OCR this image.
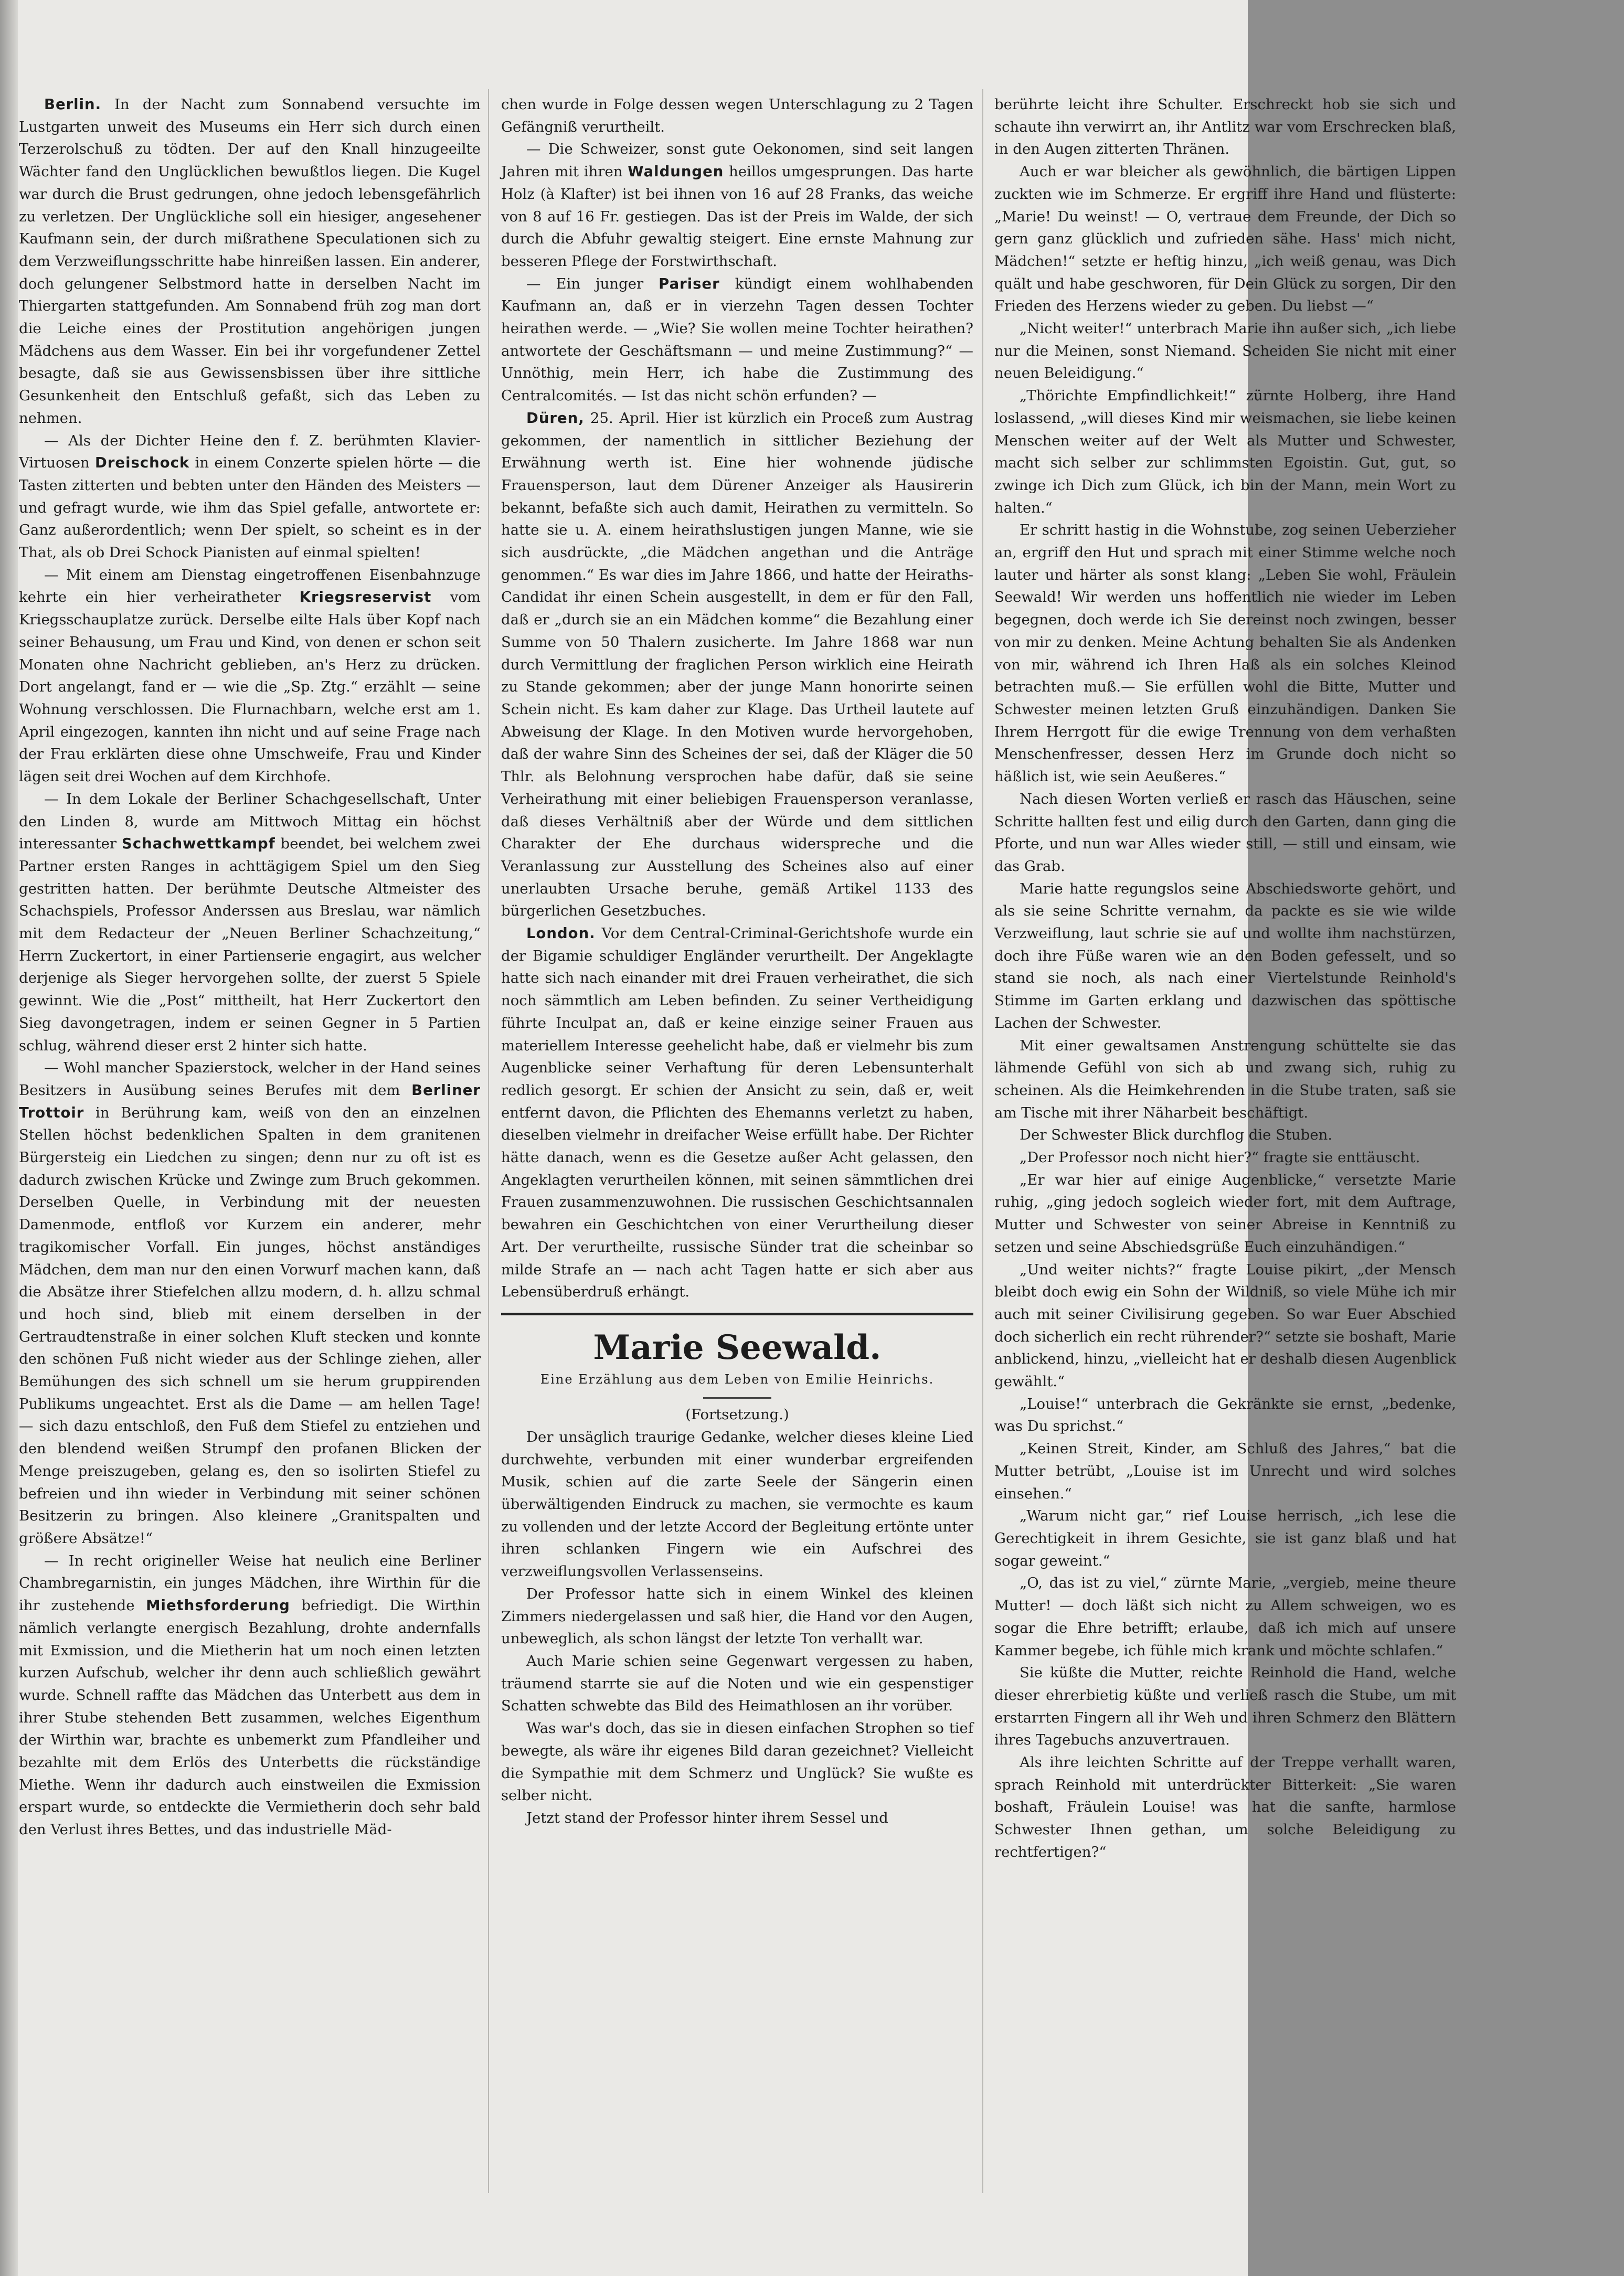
Berlin. In der Nacht zum Sonnabend versuchte im Lustgarten unweit des Museums ein Herr sich durch einen Terzerolschuß zu tödten. Der auf den Knall hinzugeeilte Wächter fand den Unglücklichen bewußtlos liegen. Die Kugel war durch die Brust gedrungen, ohne jedoch lebensgefährlich zu verletzen. Der Unglückliche soll ein hiesiger, angesehener Kaufmann sein, der durch mißrathene Speculationen sich zu dem Verzweiflungsschritte habe hinreißen lassen. Ein anderer, doch gelungener Selbstmord hatte in derselben Nacht im Thiergarten stattgefunden. Am Sonnabend früh zog man dort die Leiche eines der Prostitution angehörigen jungen Mädchens aus dem Wasser. Ein bei ihr vorgefundener Zettel besagte, daß sie aus Gewissensbissen über ihre sittliche Gesunkenheit den Entschluß gefaßt, sich das Leben zu nehmen.

— Als der Dichter Heine den f. Z. berühmten Klavier-Virtuosen Dreischock in einem Conzerte spielen hörte — die Tasten zitterten und bebten unter den Händen des Meisters — und gefragt wurde, wie ihm das Spiel gefalle, antwortete er: Ganz außerordentlich; wenn Der spielt, so scheint es in der That, als ob Drei Schock Pianisten auf einmal spielten!

— Mit einem am Dienstag eingetroffenen Eisenbahnzuge kehrte ein hier verheiratheter Kriegsreservist vom Kriegsschauplatze zurück. Derselbe eilte Hals über Kopf nach seiner Behausung, um Frau und Kind, von denen er schon seit Monaten ohne Nachricht geblieben, an's Herz zu drücken. Dort angelangt, fand er — wie die „Sp. Ztg.“ erzählt — seine Wohnung verschlossen. Die Flurnachbarn, welche erst am 1. April eingezogen, kannten ihn nicht und auf seine Frage nach der Frau erklärten diese ohne Umschweife, Frau und Kinder lägen seit drei Wochen auf dem Kirchhofe.

— In dem Lokale der Berliner Schachgesellschaft, Unter den Linden 8, wurde am Mittwoch Mittag ein höchst interessanter Schachwettkampf beendet, bei welchem zwei Partner ersten Ranges in achttägigem Spiel um den Sieg gestritten hatten. Der berühmte Deutsche Altmeister des Schachspiels, Professor Anderssen aus Breslau, war nämlich mit dem Redacteur der „Neuen Berliner Schachzeitung,“ Herrn Zuckertort, in einer Partienserie engagirt, aus welcher derjenige als Sieger hervorgehen sollte, der zuerst 5 Spiele gewinnt. Wie die „Post“ mittheilt, hat Herr Zuckertort den Sieg davongetragen, indem er seinen Gegner in 5 Partien schlug, während dieser erst 2 hinter sich hatte.

— Wohl mancher Spazierstock, welcher in der Hand seines Besitzers in Ausübung seines Berufes mit dem Berliner Trottoir in Berührung kam, weiß von den an einzelnen Stellen höchst bedenklichen Spalten in dem granitenen Bürgersteig ein Liedchen zu singen; denn nur zu oft ist es dadurch zwischen Krücke und Zwinge zum Bruch gekommen. Derselben Quelle, in Verbindung mit der neuesten Damenmode, entfloß vor Kurzem ein anderer, mehr tragikomischer Vorfall. Ein junges, höchst anständiges Mädchen, dem man nur den einen Vorwurf machen kann, daß die Absätze ihrer Stiefelchen allzu modern, d. h. allzu schmal und hoch sind, blieb mit einem derselben in der Gertraudtenstraße in einer solchen Kluft stecken und konnte den schönen Fuß nicht wieder aus der Schlinge ziehen, aller Bemühungen des sich schnell um sie herum gruppirenden Publikums ungeachtet. Erst als die Dame — am hellen Tage! — sich dazu entschloß, den Fuß dem Stiefel zu entziehen und den blendend weißen Strumpf den profanen Blicken der Menge preiszugeben, gelang es, den so isolirten Stiefel zu befreien und ihn wieder in Verbindung mit seiner schönen Besitzerin zu bringen. Also kleinere „Granitspalten und größere Absätze!“

— In recht origineller Weise hat neulich eine Berliner Chambregarnistin, ein junges Mädchen, ihre Wirthin für die ihr zustehende Miethsforderung befriedigt. Die Wirthin nämlich verlangte energisch Bezahlung, drohte andernfalls mit Exmission, und die Mietherin hat um noch einen letzten kurzen Aufschub, welcher ihr denn auch schließlich gewährt wurde. Schnell raffte das Mädchen das Unterbett aus dem in ihrer Stube stehenden Bett zusammen, welches Eigenthum der Wirthin war, brachte es unbemerkt zum Pfandleiher und bezahlte mit dem Erlös des Unterbetts die rückständige Miethe. Wenn ihr dadurch auch einstweilen die Exmission erspart wurde, so entdeckte die Vermietherin doch sehr bald den Verlust ihres Bettes, und das industrielle Mäd-

chen wurde in Folge dessen wegen Unterschlagung zu 2 Tagen Gefängniß verurtheilt.

— Die Schweizer, sonst gute Oekonomen, sind seit langen Jahren mit ihren Waldungen heillos umgesprungen. Das harte Holz (à Klafter) ist bei ihnen von 16 auf 28 Franks, das weiche von 8 auf 16 Fr. gestiegen. Das ist der Preis im Walde, der sich durch die Abfuhr gewaltig steigert. Eine ernste Mahnung zur besseren Pflege der Forstwirthschaft.

— Ein junger Pariser kündigt einem wohlhabenden Kaufmann an, daß er in vierzehn Tagen dessen Tochter heirathen werde. — „Wie? Sie wollen meine Tochter heirathen? antwortete der Geschäftsmann — und meine Zustimmung?“ — Unnöthig, mein Herr, ich habe die Zustimmung des Centralcomités. — Ist das nicht schön erfunden? —

Düren, 25. April. Hier ist kürzlich ein Proceß zum Austrag gekommen, der namentlich in sittlicher Beziehung der Erwähnung werth ist. Eine hier wohnende jüdische Frauensperson, laut dem Dürener Anzeiger als Hausirerin bekannt, befaßte sich auch damit, Heirathen zu vermitteln. So hatte sie u. A. einem heirathslustigen jungen Manne, wie sie sich ausdrückte, „die Mädchen angethan und die Anträge genommen.“ Es war dies im Jahre 1866, und hatte der Heiraths-Candidat ihr einen Schein ausgestellt, in dem er für den Fall, daß er „durch sie an ein Mädchen komme“ die Bezahlung einer Summe von 50 Thalern zusicherte. Im Jahre 1868 war nun durch Vermittlung der fraglichen Person wirklich eine Heirath zu Stande gekommen; aber der junge Mann honorirte seinen Schein nicht. Es kam daher zur Klage. Das Urtheil lautete auf Abweisung der Klage. In den Motiven wurde hervorgehoben, daß der wahre Sinn des Scheines der sei, daß der Kläger die 50 Thlr. als Belohnung versprochen habe dafür, daß sie seine Verheirathung mit einer beliebigen Frauensperson veranlasse, daß dieses Verhältniß aber der Würde und dem sittlichen Charakter der Ehe durchaus widerspreche und die Veranlassung zur Ausstellung des Scheines also auf einer unerlaubten Ursache beruhe, gemäß Artikel 1133 des bürgerlichen Gesetzbuches.

London. Vor dem Central-Criminal-Gerichtshofe wurde ein der Bigamie schuldiger Engländer verurtheilt. Der Angeklagte hatte sich nach einander mit drei Frauen verheirathet, die sich noch sämmtlich am Leben befinden. Zu seiner Vertheidigung führte Inculpat an, daß er keine einzige seiner Frauen aus materiellem Interesse geehelicht habe, daß er vielmehr bis zum Augenblicke seiner Verhaftung für deren Lebensunterhalt redlich gesorgt. Er schien der Ansicht zu sein, daß er, weit entfernt davon, die Pflichten des Ehemanns verletzt zu haben, dieselben vielmehr in dreifacher Weise erfüllt habe. Der Richter hätte danach, wenn es die Gesetze außer Acht gelassen, den Angeklagten verurtheilen können, mit seinen sämmtlichen drei Frauen zusammenzuwohnen. Die russischen Geschichtsannalen bewahren ein Geschichtchen von einer Verurtheilung dieser Art. Der verurtheilte, russische Sünder trat die scheinbar so milde Strafe an — nach acht Tagen hatte er sich aber aus Lebensüberdruß erhängt.

Marie Seewald.
Eine Erzählung aus dem Leben von Emilie Heinrichs.
(Fortsetzung.)

Der unsäglich traurige Gedanke, welcher dieses kleine Lied durchwehte, verbunden mit einer wunderbar ergreifenden Musik, schien auf die zarte Seele der Sängerin einen überwältigenden Eindruck zu machen, sie vermochte es kaum zu vollenden und der letzte Accord der Begleitung ertönte unter ihren schlanken Fingern wie ein Aufschrei des verzweiflungsvollen Verlassenseins.

Der Professor hatte sich in einem Winkel des kleinen Zimmers niedergelassen und saß hier, die Hand vor den Augen, unbeweglich, als schon längst der letzte Ton verhallt war.

Auch Marie schien seine Gegenwart vergessen zu haben, träumend starrte sie auf die Noten und wie ein gespenstiger Schatten schwebte das Bild des Heimathlosen an ihr vorüber.

Was war's doch, das sie in diesen einfachen Strophen so tief bewegte, als wäre ihr eigenes Bild daran gezeichnet? Vielleicht die Sympathie mit dem Schmerz und Unglück? Sie wußte es selber nicht.

Jetzt stand der Professor hinter ihrem Sessel und

berührte leicht ihre Schulter. Erschreckt hob sie sich und schaute ihn verwirrt an, ihr Antlitz war vom Erschrecken blaß, in den Augen zitterten Thränen.

Auch er war bleicher als gewöhnlich, die bärtigen Lippen zuckten wie im Schmerze. Er ergriff ihre Hand und flüsterte: „Marie! Du weinst! — O, vertraue dem Freunde, der Dich so gern ganz glücklich und zufrieden sähe. Hass' mich nicht, Mädchen!“ setzte er heftig hinzu, „ich weiß genau, was Dich quält und habe geschworen, für Dein Glück zu sorgen, Dir den Frieden des Herzens wieder zu geben. Du liebst —“

„Nicht weiter!“ unterbrach Marie ihn außer sich, „ich liebe nur die Meinen, sonst Niemand. Scheiden Sie nicht mit einer neuen Beleidigung.“

„Thörichte Empfindlichkeit!“ zürnte Holberg, ihre Hand loslassend, „will dieses Kind mir weismachen, sie liebe keinen Menschen weiter auf der Welt als Mutter und Schwester, macht sich selber zur schlimmsten Egoistin. Gut, gut, so zwinge ich Dich zum Glück, ich bin der Mann, mein Wort zu halten.“

Er schritt hastig in die Wohnstube, zog seinen Ueberzieher an, ergriff den Hut und sprach mit einer Stimme welche noch lauter und härter als sonst klang: „Leben Sie wohl, Fräulein Seewald! Wir werden uns hoffentlich nie wieder im Leben begegnen, doch werde ich Sie dereinst noch zwingen, besser von mir zu denken. Meine Achtung behalten Sie als Andenken von mir, während ich Ihren Haß als ein solches Kleinod betrachten muß.— Sie erfüllen wohl die Bitte, Mutter und Schwester meinen letzten Gruß einzuhändigen. Danken Sie Ihrem Herrgott für die ewige Trennung von dem verhaßten Menschenfresser, dessen Herz im Grunde doch nicht so häßlich ist, wie sein Aeußeres.“

Nach diesen Worten verließ er rasch das Häuschen, seine Schritte hallten fest und eilig durch den Garten, dann ging die Pforte, und nun war Alles wieder still, — still und einsam, wie das Grab.

Marie hatte regungslos seine Abschiedsworte gehört, und als sie seine Schritte vernahm, da packte es sie wie wilde Verzweiflung, laut schrie sie auf und wollte ihm nachstürzen, doch ihre Füße waren wie an den Boden gefesselt, und so stand sie noch, als nach einer Viertelstunde Reinhold's Stimme im Garten erklang und dazwischen das spöttische Lachen der Schwester.

Mit einer gewaltsamen Anstrengung schüttelte sie das lähmende Gefühl von sich ab und zwang sich, ruhig zu scheinen. Als die Heimkehrenden in die Stube traten, saß sie am Tische mit ihrer Näharbeit beschäftigt.

Der Schwester Blick durchflog die Stuben.

„Der Professor noch nicht hier?“ fragte sie enttäuscht.

„Er war hier auf einige Augenblicke,“ versetzte Marie ruhig, „ging jedoch sogleich wieder fort, mit dem Auftrage, Mutter und Schwester von seiner Abreise in Kenntniß zu setzen und seine Abschiedsgrüße Euch einzuhändigen.“

„Und weiter nichts?“ fragte Louise pikirt, „der Mensch bleibt doch ewig ein Sohn der Wildniß, so viele Mühe ich mir auch mit seiner Civilisirung gegeben. So war Euer Abschied doch sicherlich ein recht rührender?“ setzte sie boshaft, Marie anblickend, hinzu, „vielleicht hat er deshalb diesen Augenblick gewählt.“

„Louise!“ unterbrach die Gekränkte sie ernst, „bedenke, was Du sprichst.“

„Keinen Streit, Kinder, am Schluß des Jahres,“ bat die Mutter betrübt, „Louise ist im Unrecht und wird solches einsehen.“

„Warum nicht gar,“ rief Louise herrisch, „ich lese die Gerechtigkeit in ihrem Gesichte, sie ist ganz blaß und hat sogar geweint.“

„O, das ist zu viel,“ zürnte Marie, „vergieb, meine theure Mutter! — doch läßt sich nicht zu Allem schweigen, wo es sogar die Ehre betrifft; erlaube, daß ich mich auf unsere Kammer begebe, ich fühle mich krank und möchte schlafen.“

Sie küßte die Mutter, reichte Reinhold die Hand, welche dieser ehrerbietig küßte und verließ rasch die Stube, um mit erstarrten Fingern all ihr Weh und ihren Schmerz den Blättern ihres Tagebuchs anzuvertrauen.

Als ihre leichten Schritte auf der Treppe verhallt waren, sprach Reinhold mit unterdrückter Bitterkeit: „Sie waren boshaft, Fräulein Louise! was hat die sanfte, harmlose Schwester Ihnen gethan, um solche Beleidigung zu rechtfertigen?“
